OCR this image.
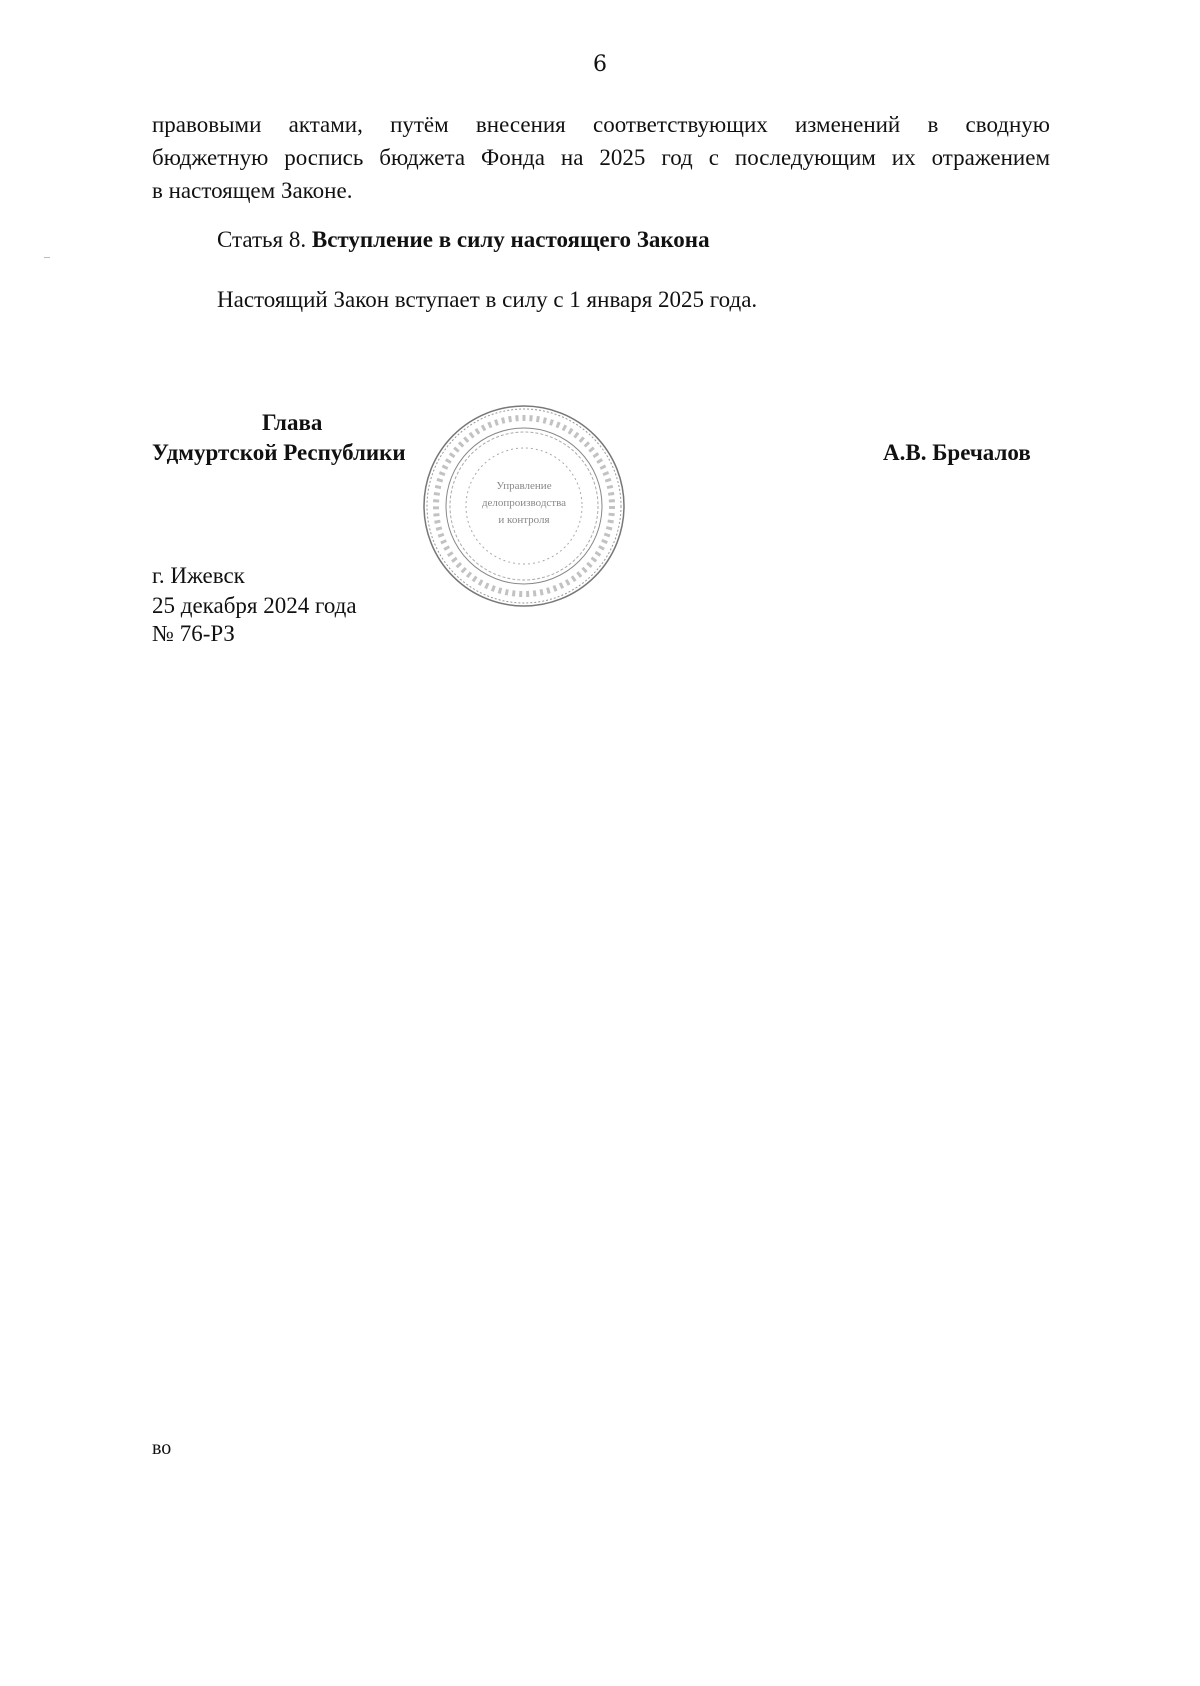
6
правовыми актами, путём внесения соответствующих изменений в сводную
бюджетную роспись бюджета Фонда на 2025 год с последующим их отражением
в настоящем Законе.
Статья 8. Вступление в силу настоящего Закона
Настоящий Закон вступает в силу с 1 января 2025 года.
Глава
Удмуртской Республики	А.В. Бречалов
Управление
делопроизводства
и контроля
г. Ижевск
25 декабря 2024 года
№ 76-РЗ
во
